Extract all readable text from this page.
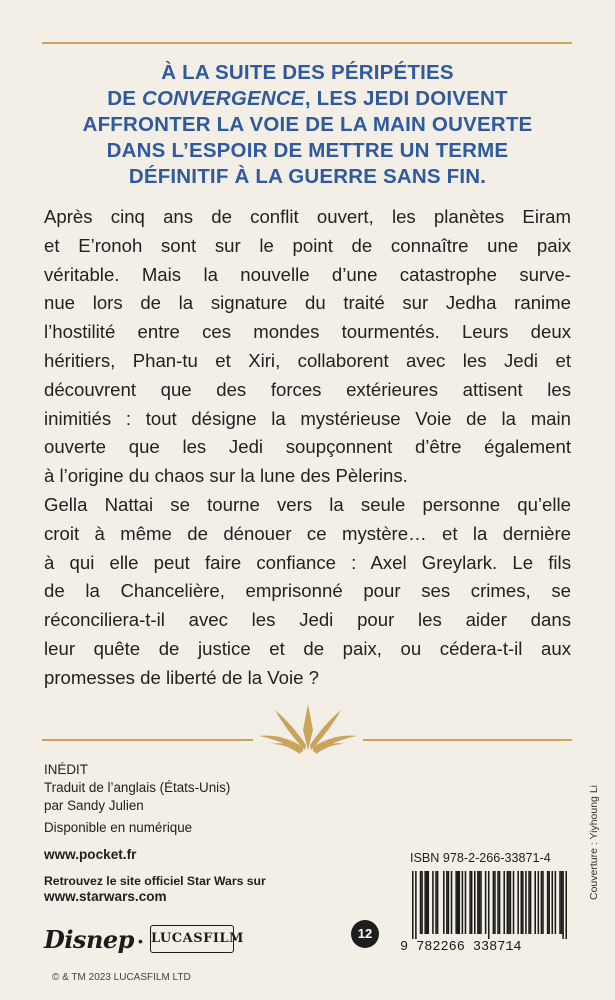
À LA SUITE DES PÉRIPÉTIES
DE CONVERGENCE, LES JEDI DOIVENT
AFFRONTER LA VOIE DE LA MAIN OUVERTE
DANS L’ESPOIR DE METTRE UN TERME
DÉFINITIF À LA GUERRE SANS FIN.

Après cinq ans de conflit ouvert, les planètes Eiram
et E’ronoh sont sur le point de connaître une paix
véritable. Mais la nouvelle d’une catastrophe surve-
nue lors de la signature du traité sur Jedha ranime
l’hostilité entre ces mondes tourmentés. Leurs deux
héritiers, Phan-tu et Xiri, collaborent avec les Jedi et
découvrent que des forces extérieures attisent les
inimitiés : tout désigne la mystérieuse Voie de la main
ouverte que les Jedi soupçonnent d’être également
à l’origine du chaos sur la lune des Pèlerins.

Gella Nattai se tourne vers la seule personne qu’elle
croit à même de dénouer ce mystère… et la dernière
à qui elle peut faire confiance : Axel Greylark. Le fils
de la Chancelière, emprisonné pour ses crimes, se
réconciliera-t-il avec les Jedi pour les aider dans
leur quête de justice et de paix, ou cédera-t-il aux
promesses de liberté de la Voie ?

INÉDIT
Traduit de l’anglais (États-Unis)
par Sandy Julien
Disponible en numérique
www.pocket.fr
Retrouvez le site officiel Star Wars sur
www.starwars.com
Disnep • LUCASFILM
© & TM 2023 LUCASFILM LTD
ISBN 978-2-266-33871-4
9 782266 338714
12
Couverture : Yiyhoung Li
